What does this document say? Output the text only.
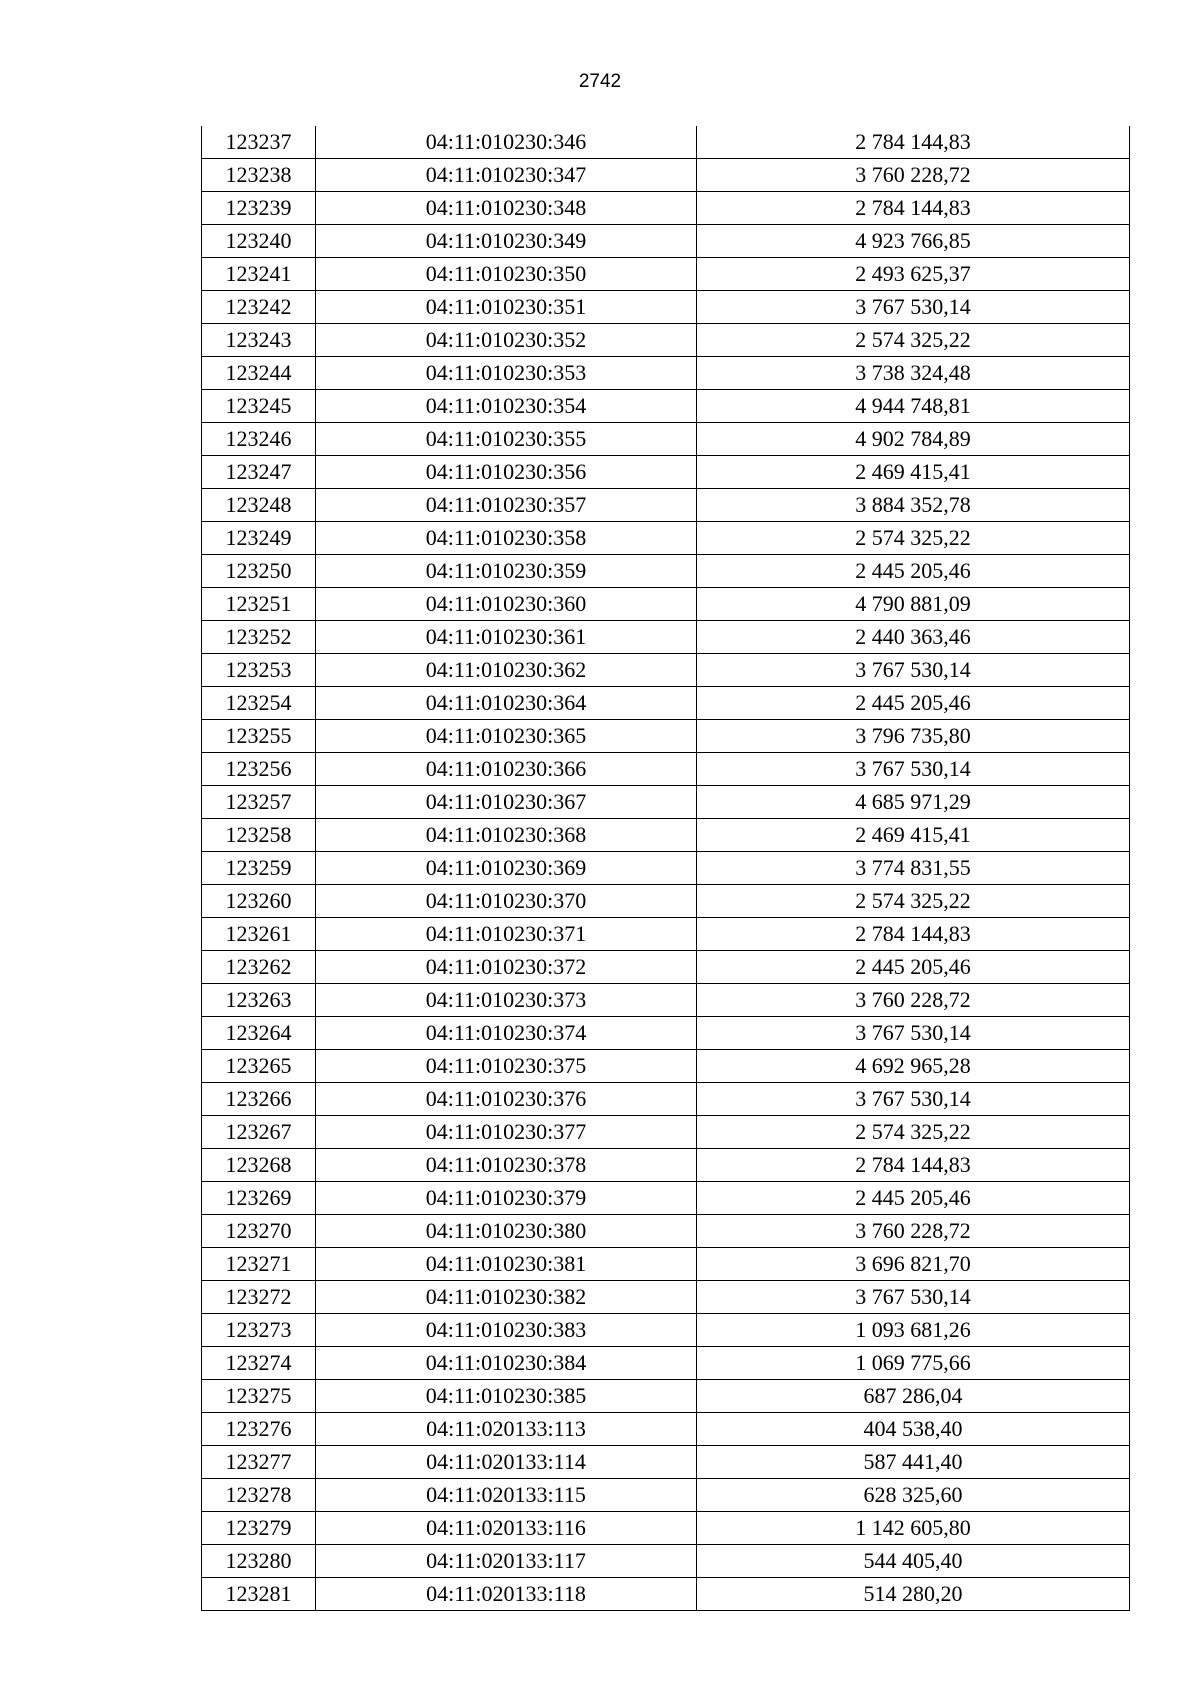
2742
123237	04:11:010230:346	2 784 144,83
123238	04:11:010230:347	3 760 228,72
123239	04:11:010230:348	2 784 144,83
123240	04:11:010230:349	4 923 766,85
123241	04:11:010230:350	2 493 625,37
123242	04:11:010230:351	3 767 530,14
123243	04:11:010230:352	2 574 325,22
123244	04:11:010230:353	3 738 324,48
123245	04:11:010230:354	4 944 748,81
123246	04:11:010230:355	4 902 784,89
123247	04:11:010230:356	2 469 415,41
123248	04:11:010230:357	3 884 352,78
123249	04:11:010230:358	2 574 325,22
123250	04:11:010230:359	2 445 205,46
123251	04:11:010230:360	4 790 881,09
123252	04:11:010230:361	2 440 363,46
123253	04:11:010230:362	3 767 530,14
123254	04:11:010230:364	2 445 205,46
123255	04:11:010230:365	3 796 735,80
123256	04:11:010230:366	3 767 530,14
123257	04:11:010230:367	4 685 971,29
123258	04:11:010230:368	2 469 415,41
123259	04:11:010230:369	3 774 831,55
123260	04:11:010230:370	2 574 325,22
123261	04:11:010230:371	2 784 144,83
123262	04:11:010230:372	2 445 205,46
123263	04:11:010230:373	3 760 228,72
123264	04:11:010230:374	3 767 530,14
123265	04:11:010230:375	4 692 965,28
123266	04:11:010230:376	3 767 530,14
123267	04:11:010230:377	2 574 325,22
123268	04:11:010230:378	2 784 144,83
123269	04:11:010230:379	2 445 205,46
123270	04:11:010230:380	3 760 228,72
123271	04:11:010230:381	3 696 821,70
123272	04:11:010230:382	3 767 530,14
123273	04:11:010230:383	1 093 681,26
123274	04:11:010230:384	1 069 775,66
123275	04:11:010230:385	687 286,04
123276	04:11:020133:113	404 538,40
123277	04:11:020133:114	587 441,40
123278	04:11:020133:115	628 325,60
123279	04:11:020133:116	1 142 605,80
123280	04:11:020133:117	544 405,40
123281	04:11:020133:118	514 280,20
